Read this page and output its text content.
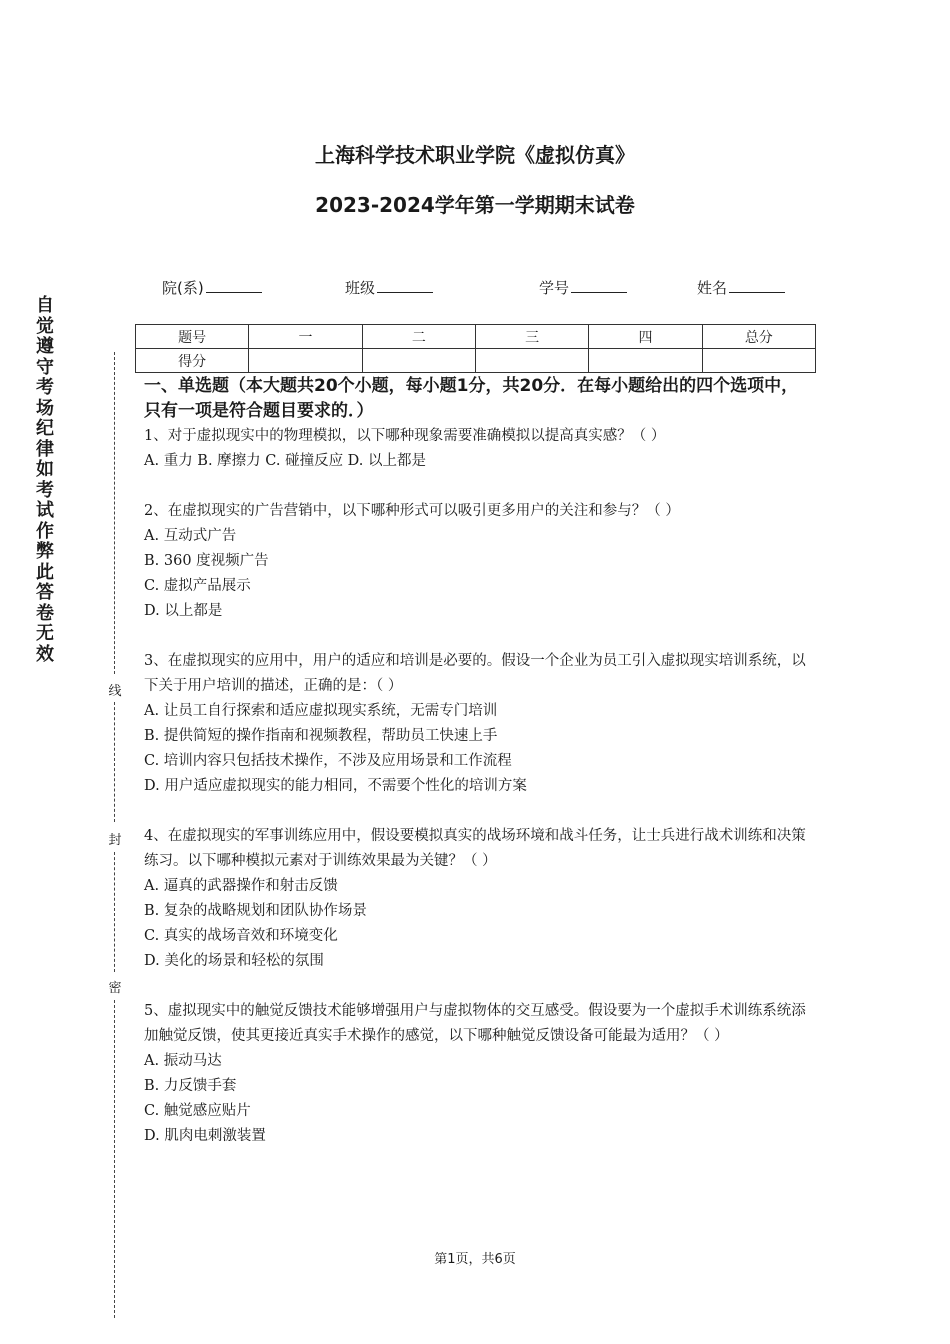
上海科学技术职业学院《虚拟仿真》
2023-2024学年第一学期期末试卷
院(系)	班级	学号	姓名
题号	一	二	三	四	总分
得分					
自觉遵守考场纪律如考试作弊此答卷无效
线
封
密
一、单选题（本大题共20个小题，每小题1分，共20分．在每小题给出的四个选项中，只有一项是符合题目要求的．）
1、对于虚拟现实中的物理模拟，以下哪种现象需要准确模拟以提高真实感？（ ）
A. 重力 B. 摩擦力 C. 碰撞反应 D. 以上都是
2、在虚拟现实的广告营销中，以下哪种形式可以吸引更多用户的关注和参与？（ ）
A. 互动式广告
B. 360 度视频广告
C. 虚拟产品展示
D. 以上都是
3、在虚拟现实的应用中，用户的适应和培训是必要的。假设一个企业为员工引入虚拟现实培训系统，以下关于用户培训的描述，正确的是：（ ）
A. 让员工自行探索和适应虚拟现实系统，无需专门培训
B. 提供简短的操作指南和视频教程，帮助员工快速上手
C. 培训内容只包括技术操作，不涉及应用场景和工作流程
D. 用户适应虚拟现实的能力相同，不需要个性化的培训方案
4、在虚拟现实的军事训练应用中，假设要模拟真实的战场环境和战斗任务，让士兵进行战术训练和决策练习。以下哪种模拟元素对于训练效果最为关键？（ ）
A. 逼真的武器操作和射击反馈
B. 复杂的战略规划和团队协作场景
C. 真实的战场音效和环境变化
D. 美化的场景和轻松的氛围
5、虚拟现实中的触觉反馈技术能够增强用户与虚拟物体的交互感受。假设要为一个虚拟手术训练系统添加触觉反馈，使其更接近真实手术操作的感觉，以下哪种触觉反馈设备可能最为适用？（ ）
A. 振动马达
B. 力反馈手套
C. 触觉感应贴片
D. 肌肉电刺激装置
第1页，共6页
